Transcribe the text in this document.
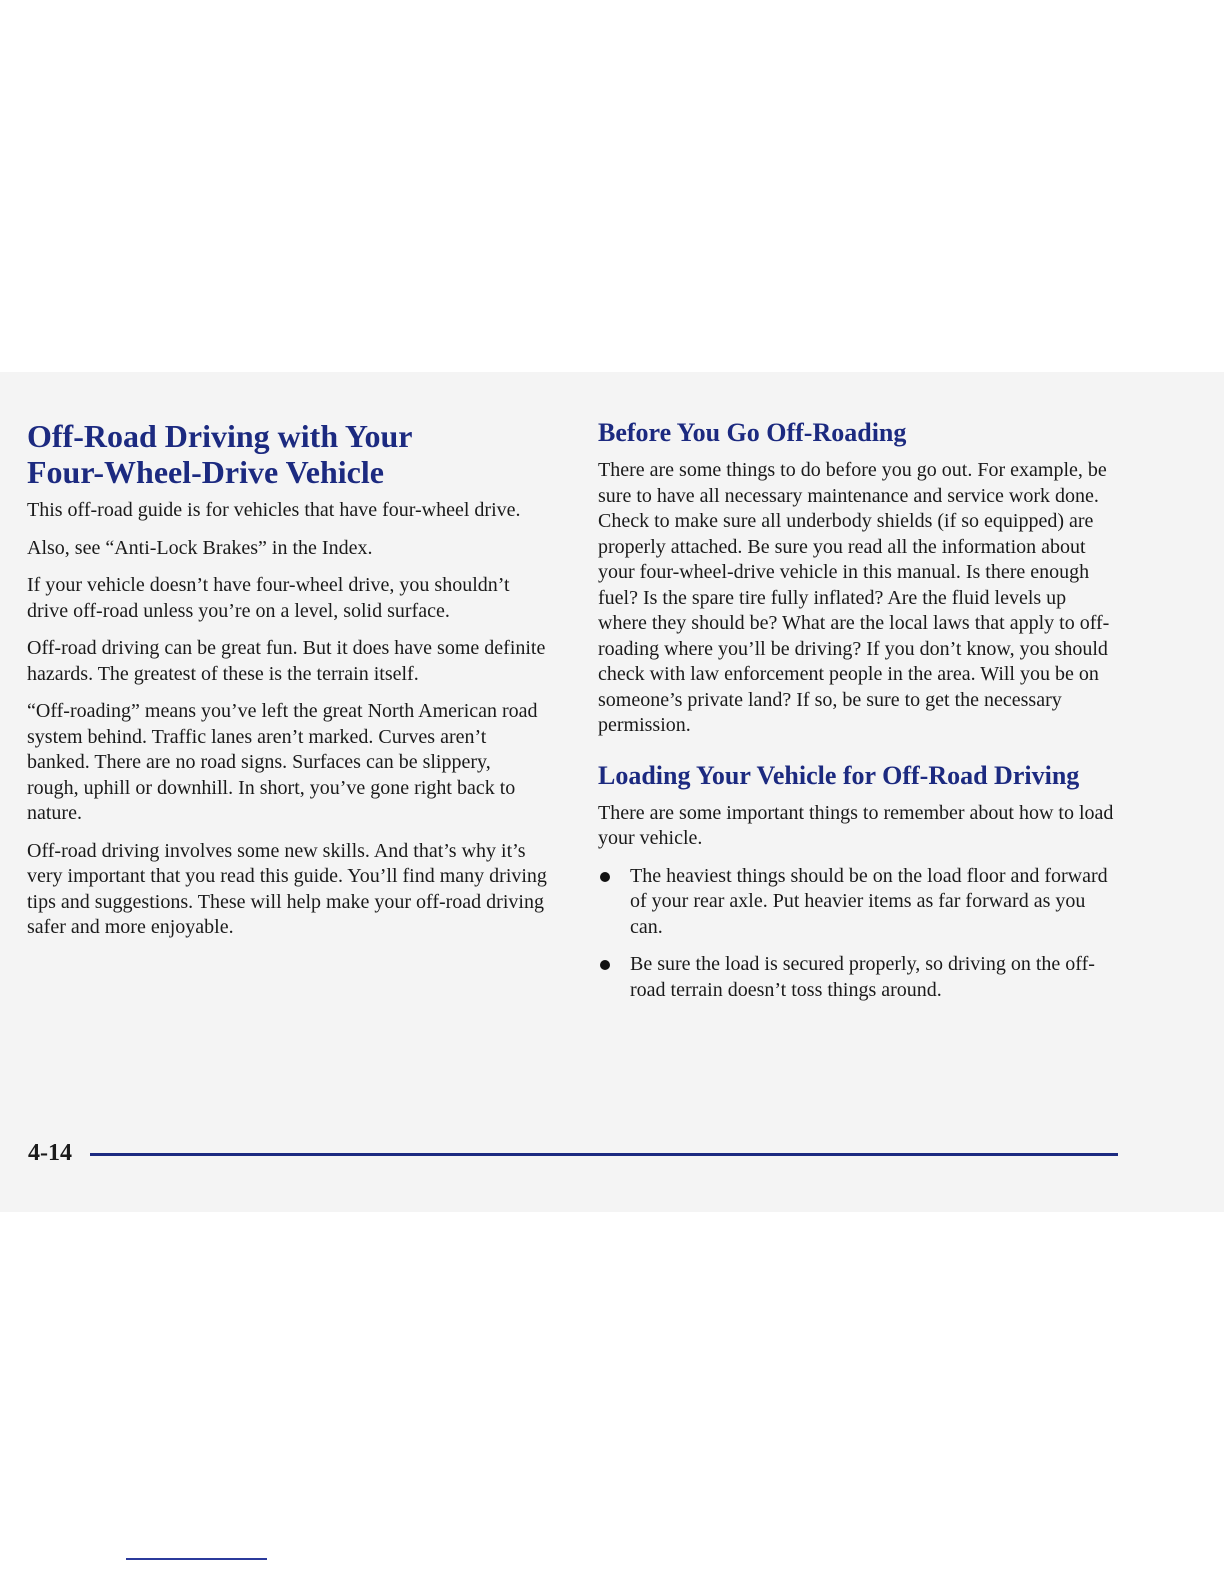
Off-Road Driving with Your
Four-Wheel-Drive Vehicle

This off-road guide is for vehicles that have four-wheel drive.

Also, see “Anti-Lock Brakes” in the Index.

If your vehicle doesn’t have four-wheel drive, you shouldn’t drive off-road unless you’re on a level, solid surface.

Off-road driving can be great fun. But it does have some definite hazards. The greatest of these is the terrain itself.

“Off-roading” means you’ve left the great North American road system behind. Traffic lanes aren’t marked. Curves aren’t banked. There are no road signs. Surfaces can be slippery, rough, uphill or downhill. In short, you’ve gone right back to nature.

Off-road driving involves some new skills. And that’s why it’s very important that you read this guide. You’ll find many driving tips and suggestions. These will help make your off-road driving safer and more enjoyable.

Before You Go Off-Roading

There are some things to do before you go out. For example, be sure to have all necessary maintenance and service work done. Check to make sure all underbody shields (if so equipped) are properly attached. Be sure you read all the information about your four-wheel-drive vehicle in this manual. Is there enough fuel? Is the spare tire fully inflated? Are the fluid levels up where they should be? What are the local laws that apply to off-roading where you’ll be driving? If you don’t know, you should check with law enforcement people in the area. Will you be on someone’s private land? If so, be sure to get the necessary permission.

Loading Your Vehicle for Off-Road Driving

There are some important things to remember about how to load your vehicle.

The heaviest things should be on the load floor and forward of your rear axle. Put heavier items as far forward as you can.
Be sure the load is secured properly, so driving on the off-road terrain doesn’t toss things around.
4-14
